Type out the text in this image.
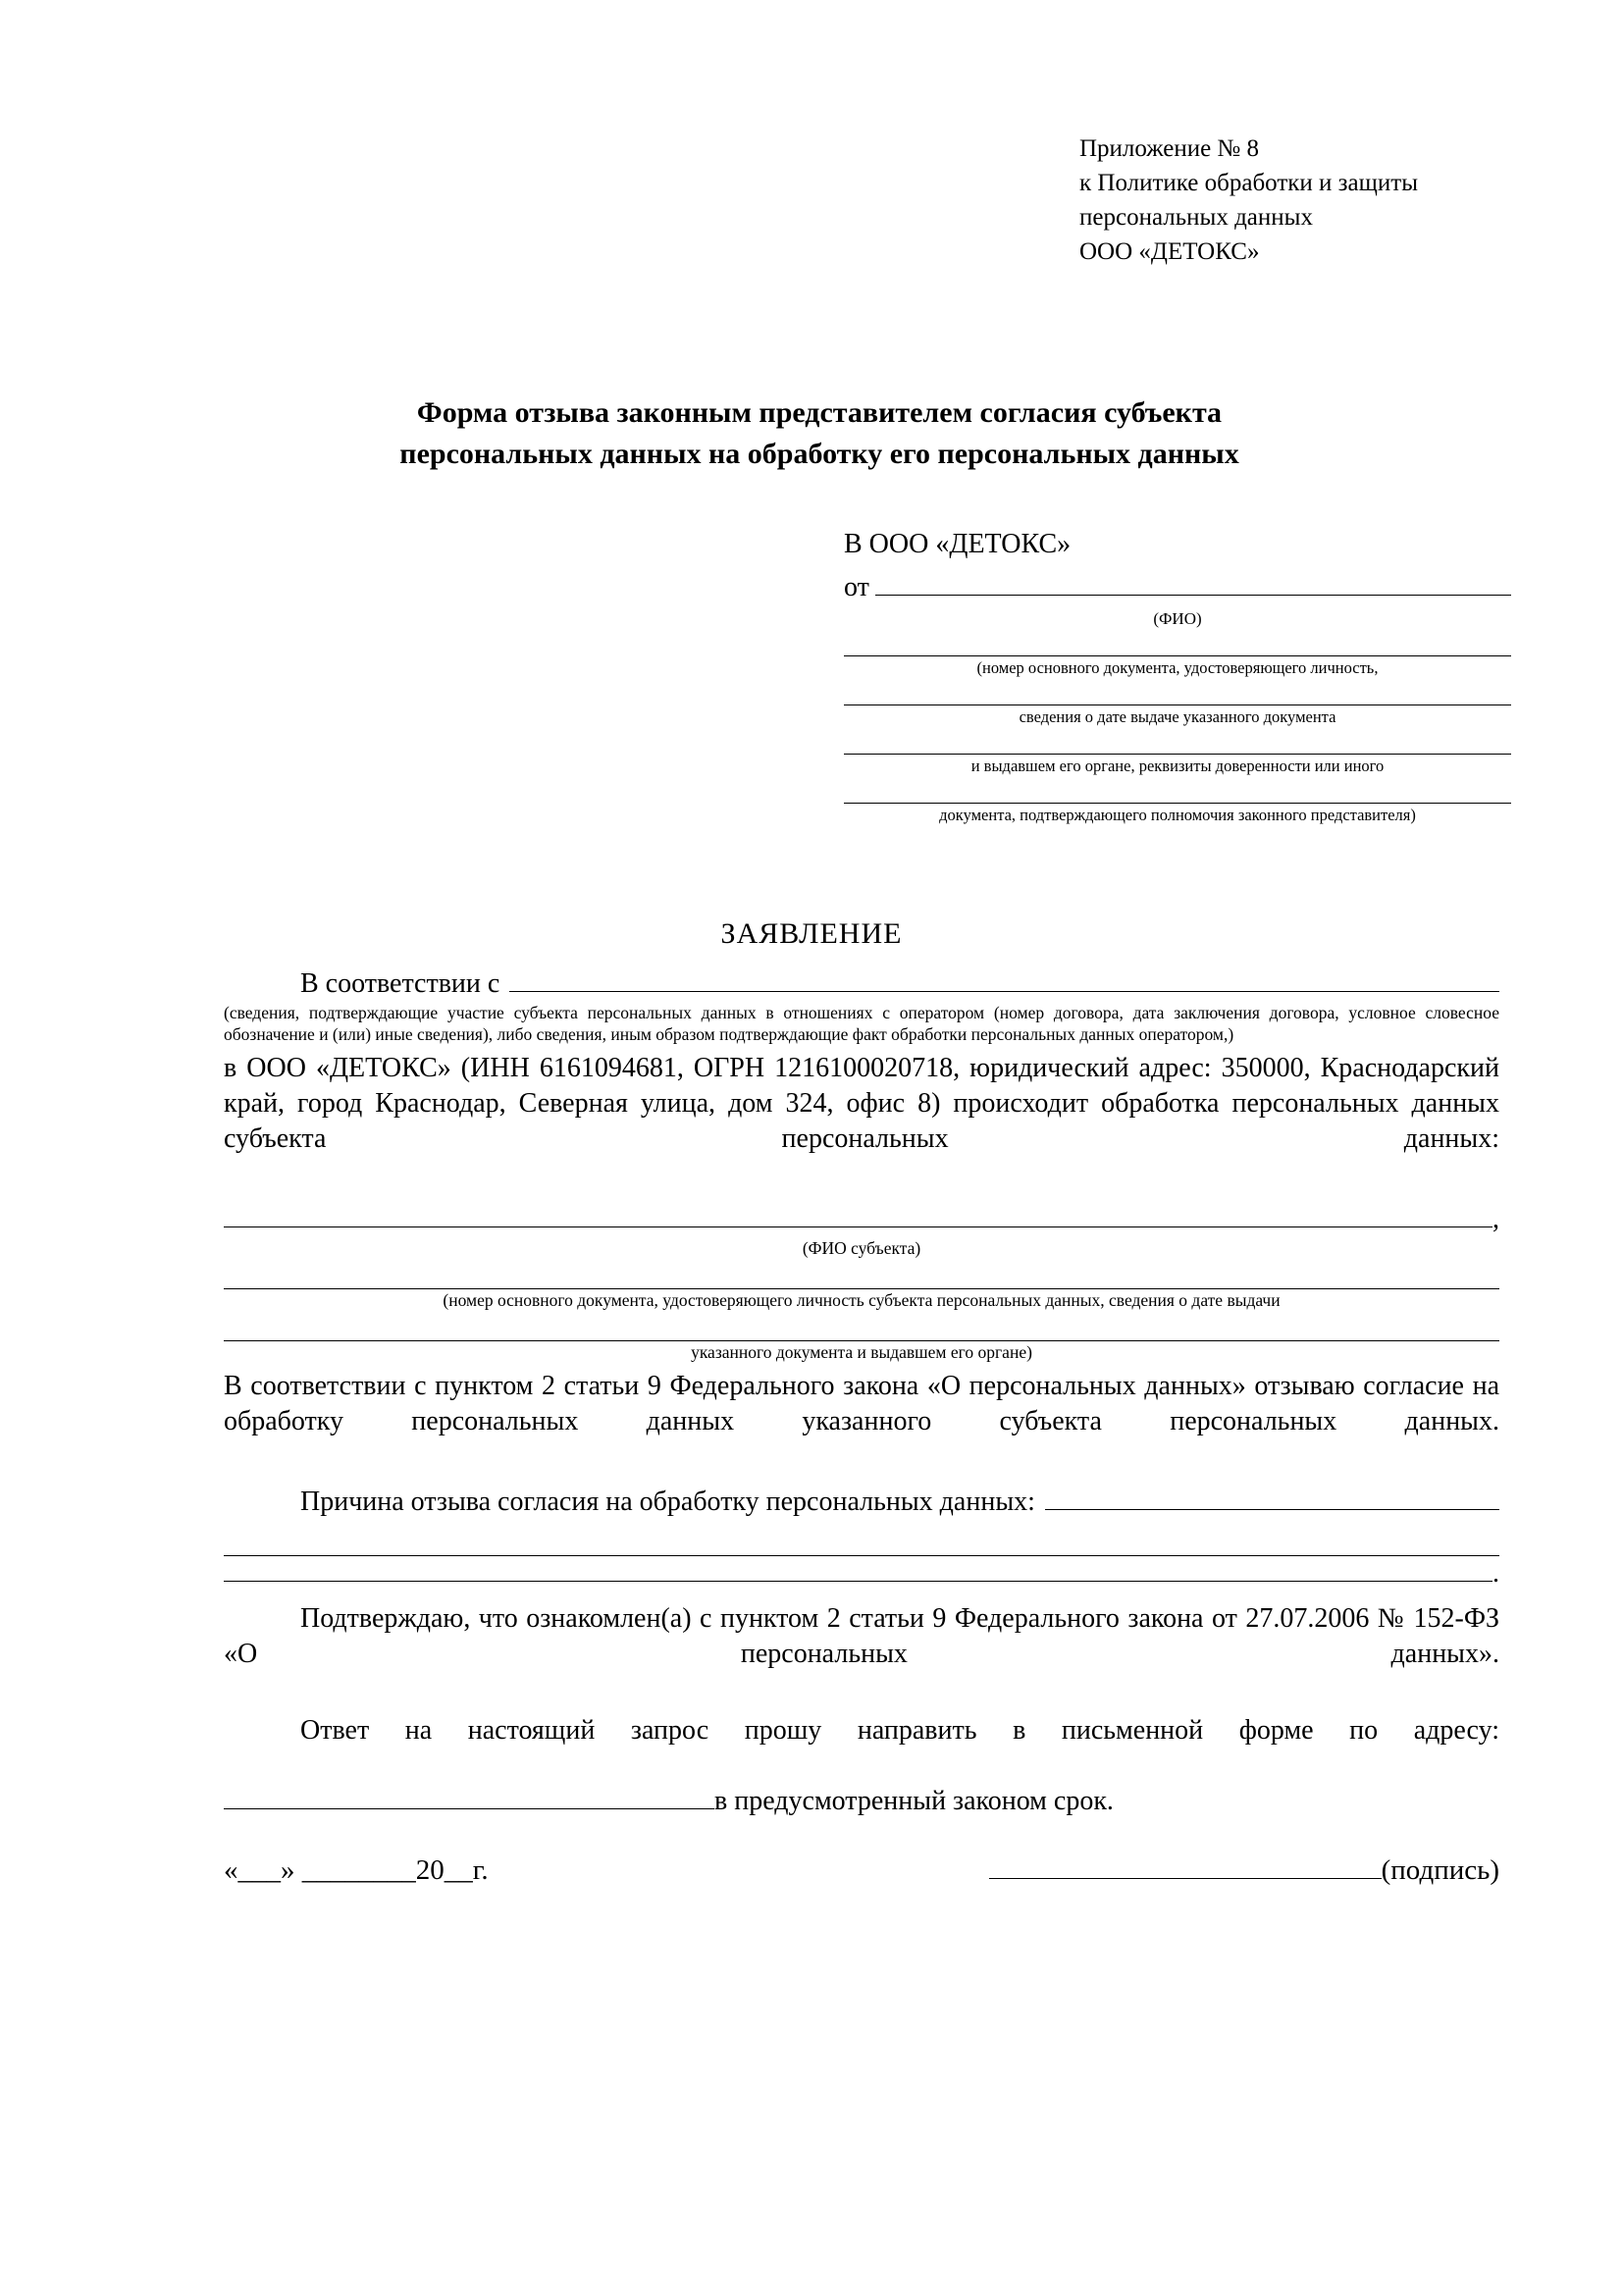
Приложение № 8
к Политике обработки и защиты
персональных данных
ООО «ДЕТОКС»
Форма отзыва законным представителем согласия субъекта
персональных данных на обработку его персональных данных
В ООО «ДЕТОКС»
от
(ФИО)
(номер основного документа, удостоверяющего личность,
сведения о дате выдаче указанного документа
и выдавшем его органе, реквизиты доверенности или иного
документа, подтверждающего полномочия законного представителя)
ЗАЯВЛЕНИЕ
В соответствии с
(сведения, подтверждающие участие субъекта персональных данных в отношениях с оператором (номер договора, дата заключения договора, условное словесное обозначение и (или) иные сведения), либо сведения, иным образом подтверждающие факт обработки персональных данных оператором,)
в ООО «ДЕТОКС» (ИНН 6161094681, ОГРН 1216100020718, юридический адрес: 350000, Краснодарский край, город Краснодар, Северная улица, дом 324, офис 8) происходит обработка персональных данных субъекта персональных данных:
,
(ФИО субъекта)
(номер основного документа, удостоверяющего личность субъекта персональных данных, сведения о дате выдачи
указанного документа и выдавшем его органе)
В соответствии с пунктом 2 статьи 9 Федерального закона «О персональных данных» отзываю согласие на обработку персональных данных указанного субъекта персональных данных.
Причина отзыва согласия на обработку персональных данных:
.
Подтверждаю, что ознакомлен(а) с пунктом 2 статьи 9 Федерального закона от 27.07.2006 № 152-ФЗ «О персональных данных».
Ответ на настоящий запрос прошу направить в письменной форме по адресу:
в предусмотренный законом срок.
«___» ________20__г.	(подпись)
